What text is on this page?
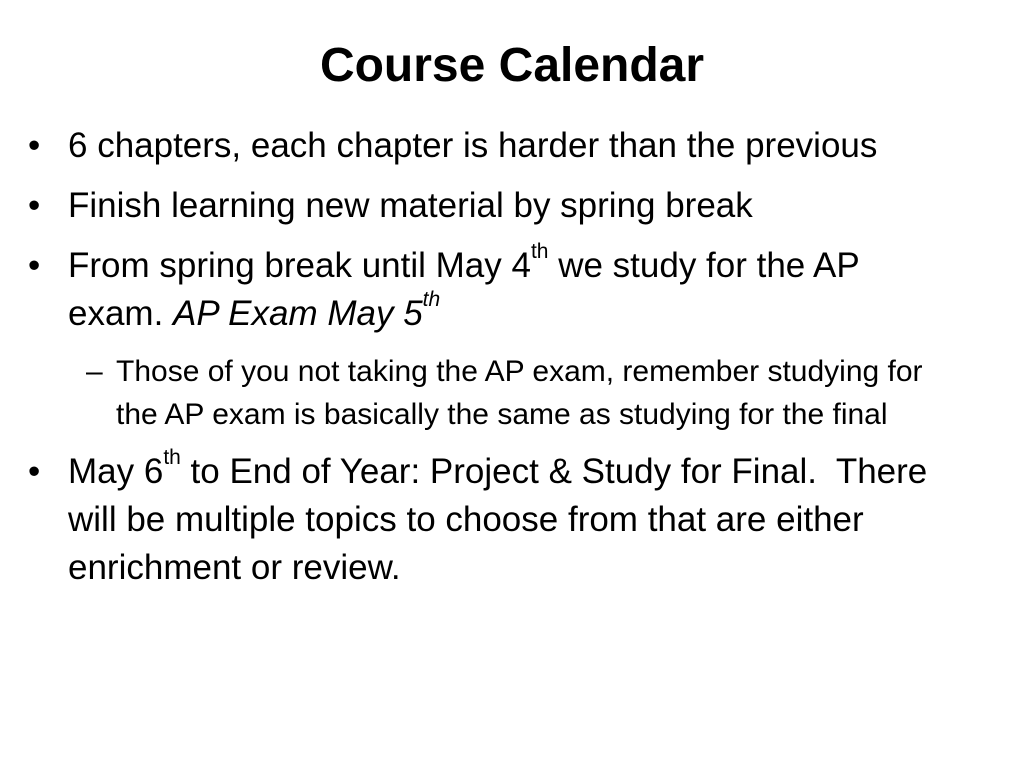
Course Calendar
• 6 chapters, each chapter is harder than the previous
• Finish learning new material by spring break
• From spring break until May 4th we study for the AP exam. AP Exam May 5th
– Those of you not taking the AP exam, remember studying for the AP exam is basically the same as studying for the final
• May 6th to End of Year: Project & Study for Final.  There will be multiple topics to choose from that are either enrichment or review.
